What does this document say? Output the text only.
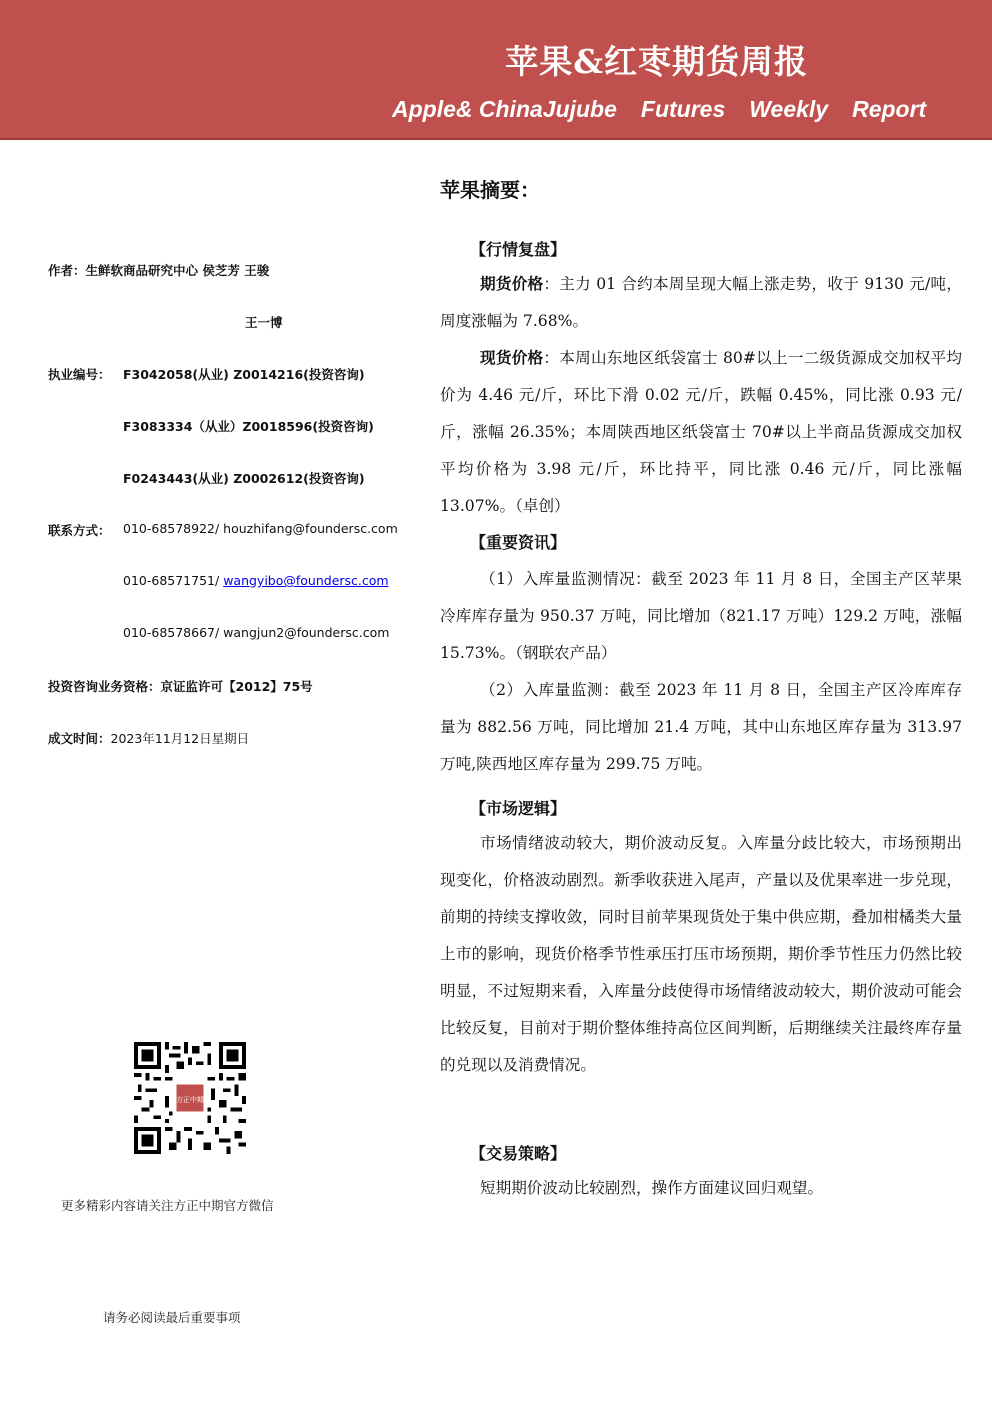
苹果&红枣期货周报
Apple& ChinaJujube Futures Weekly Report
作者：生鲜软商品研究中心 侯芝芳 王骏
王一博
执业编号： F3042058(从业) Z0014216(投资咨询)
F3083334（从业）Z0018596(投资咨询)
F0243443(从业) Z0002612(投资咨询)
联系方式： 010-68578922/ houzhifang@foundersc.com
010-68571751/ wangyibo@foundersc.com
010-68578667/ wangjun2@foundersc.com
投资咨询业务资格：京证监许可【2012】75号
成文时间：2023年11月12日星期日
方正中期
更多精彩内容请关注方正中期官方微信
请务必阅读最后重要事项
苹果摘要：
【行情复盘】
期货价格：主力 01 合约本周呈现大幅上涨走势，收于 9130 元/吨，周度涨幅为 7.68%。
现货价格：本周山东地区纸袋富士 80#以上一二级货源成交加权平均价为 4.46 元/斤，环比下滑 0.02 元/斤，跌幅 0.45%，同比涨 0.93 元/斤，涨幅 26.35%；本周陕西地区纸袋富士 70#以上半商品货源成交加权平均价格为 3.98 元/斤，环比持平，同比涨 0.46 元/斤，同比涨幅 13.07%。（卓创）
【重要资讯】
（1）入库量监测情况：截至 2023 年 11 月 8 日，全国主产区苹果冷库库存量为 950.37 万吨，同比增加（821.17 万吨）129.2 万吨，涨幅 15.73%。（钢联农产品）
（2）入库量监测：截至 2023 年 11 月 8 日，全国主产区冷库库存量为 882.56 万吨，同比增加 21.4 万吨，其中山东地区库存量为 313.97 万吨,陕西地区库存量为 299.75 万吨。
【市场逻辑】
市场情绪波动较大，期价波动反复。入库量分歧比较大，市场预期出现变化，价格波动剧烈。新季收获进入尾声，产量以及优果率进一步兑现，前期的持续支撑收敛，同时目前苹果现货处于集中供应期，叠加柑橘类大量上市的影响，现货价格季节性承压打压市场预期，期价季节性压力仍然比较明显，不过短期来看，入库量分歧使得市场情绪波动较大，期价波动可能会比较反复，目前对于期价整体维持高位区间判断，后期继续关注最终库存量的兑现以及消费情况。
【交易策略】
短期期价波动比较剧烈，操作方面建议回归观望。
